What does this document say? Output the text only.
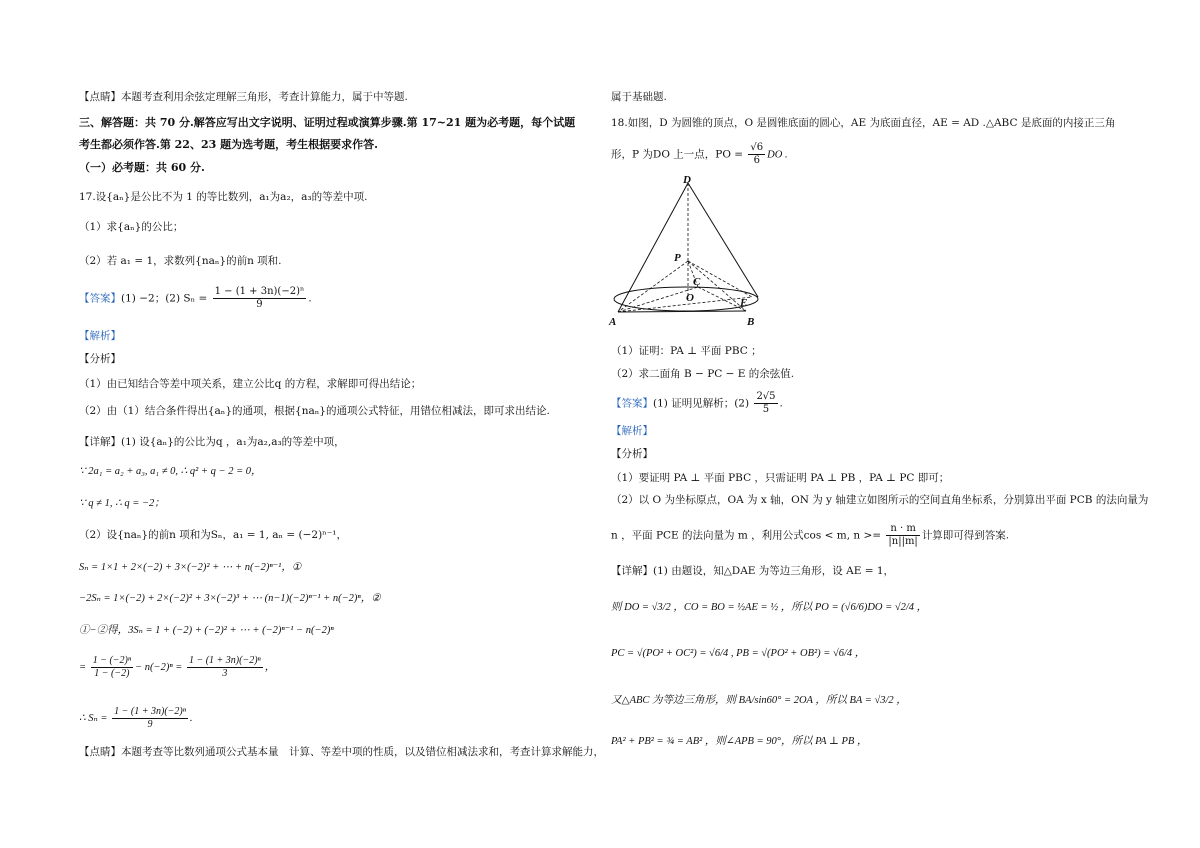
【点睛】本题考查利用余弦定理解三角形，考查计算能力，属于中等题.
三、解答题：共 70 分.解答应写出文字说明、证明过程或演算步骤.第 17~21 题为必考题，每个试题
考生都必须作答.第 22、23 题为选考题，考生根据要求作答.
（一）必考题：共 60 分.
17.设{aₙ}是公比不为 1 的等比数列，a₁为a₂，a₃的等差中项.
（1）求{aₙ}的公比；
（2）若 a₁ = 1，求数列{naₙ}的前n 项和.
【答案】(1) −2；(2) $S_n = \frac{\text{1 − (1 + 3n)(−2)ⁿ}}{9}$ .
【解析】
【分析】
（1）由已知结合等差中项关系，建立公比q 的方程，求解即可得出结论；
（2）由（1）结合条件得出{aₙ}的通项，根据{naₙ}的通项公式特征，用错位相减法，即可求出结论.
【详解】(1) 设{aₙ}的公比为q ，a₁为a₂,a₃的等差中项，
∵ 2a₁ = a₂ + a₃, a₁ ≠ 0, ∴ q² + q − 2 = 0，
∵ q ≠ 1, ∴ q = −2；
（2）设{naₙ}的前n 项和为Sₙ，a₁ = 1, aₙ = (−2)ⁿ⁻¹，
Sₙ = 1×1 + 2×(−2) + 3×(−2)² + ⋯ + n(−2)ⁿ⁻¹，①
−2Sₙ = 1×(−2) + 2×(−2)² + 3×(−2)³ + ⋯ (n−1)(−2)ⁿ⁻¹ + n(−2)ⁿ，②
①−②得，3Sₙ = 1 + (−2) + (−2)² + ⋯ + (−2)ⁿ⁻¹ − n(−2)ⁿ
= $\frac{\text{1 − (−2)ⁿ}}{1 - (-2)} - n(-2)^n = \frac{\text{1 − (1 + 3n)(−2)ⁿ}}{3}$ ，
∴ $S_n = \frac{\text{1 − (1 + 3n)(−2)ⁿ}}{9}$ .
【点睛】本题考查等比数列通项公式基本量　计算、等差中项的性质，以及错位相减法求和，考查计算求解能力，
属于基础题.
18.如图，D 为圆锥的顶点，O 是圆锥底面的圆心，AE 为底面直径，AE = AD .△ABC 是底面的内接正三角
形，P 为DO 上一点，PO = $\frac{√6}{6}$ DO .
D
P
C
O	E
A	B
（1）证明：PA ⊥ 平面 PBC ；
（2）求二面角 B − PC − E 的余弦值.
【答案】(1) 证明见解析；$(2) \frac{2√5}{5}$ .
【解析】
【分析】
（1）要证明 PA ⊥ 平面 PBC ，只需证明 PA ⊥ PB ，PA ⊥ PC 即可；
（2）以 O 为坐标原点，OA 为 x 轴，ON 为 y 轴建立如图所示的空间直角坐标系，分别算出平面 PCB 的法向量为
n ，平面 PCE 的法向量为 m ，利用公式cos < m, $n >= \frac{n \cdot m}{|n||m|}$ 计算即可得到答案.
【详解】(1) 由题设，知△DAE 为等边三角形，设 AE = 1，
则 DO = √3/2 ，CO = BO = ½AE = ½ ，所以 PO = (√6/6)DO = √2/4 ，
PC = √(PO² + OC²) = √6/4 , PB = √(PO² + OB²) = √6/4 ，
又△ABC 为等边三角形，则 BA/sin60° = 2OA ，所以 BA = √3/2 ，
PA² + PB² = ¾ = AB² ，则∠APB = 90°，所以 PA ⊥ PB ，
